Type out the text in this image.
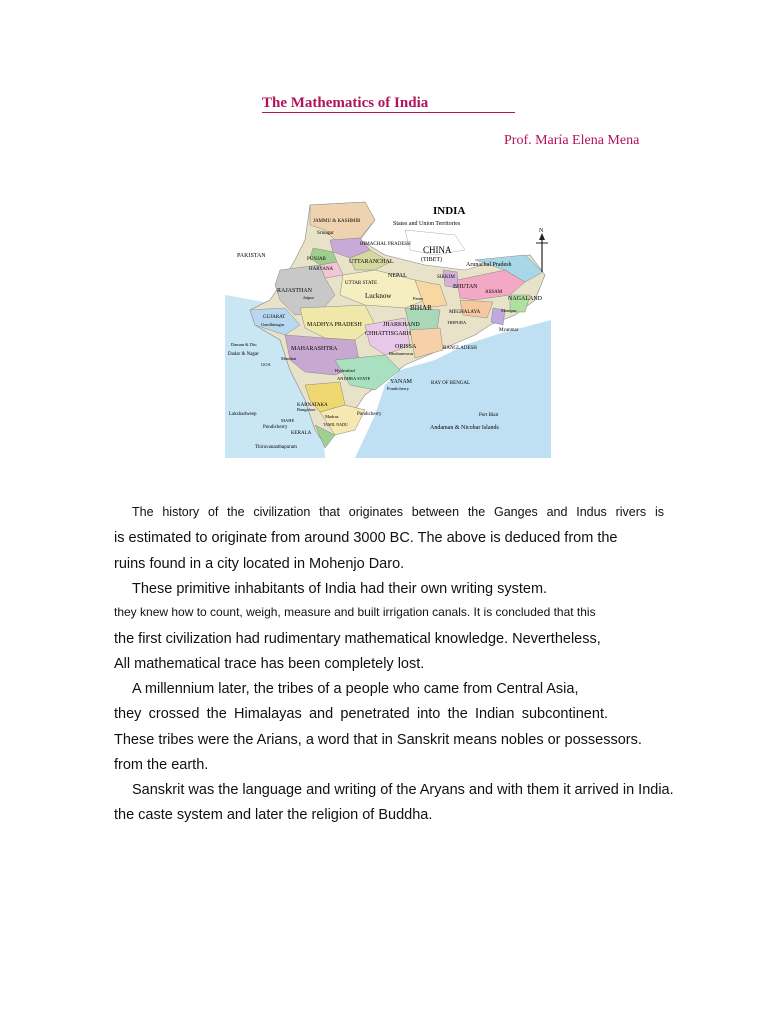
The Mathematics of India
Prof. María Elena Mena
N
INDIA
States and Union Territories
JAMMU & KASHMIR
Srinagar
HIMACHAL PRADESH
PAKISTAN
CHINA
(TIBET)
PUNJAB	UTTARANCHAL
HARYANA
NEPAL	SIKKIM
Arunachal Pradesh
RAJASTHAN
Jaipur
UTTAR STATE
Lucknow	Patna
BHUTAN
ASSAM
NAGALAND
GUJARAT
Gandhinagar
BIHAR
MEGHALAYA	Manipur
MADHYA PRADESH	JHARKHAND	TRIPURA
Myanmar
CHHATTISGARH
MAHARASHTRA	ORISSA
Bhubaneswar
BANGLADESH
Daman & Diu
Dadar & Nagar
Mumbai
Hyderabad
ANDHRA STATE
YANAM
Pondicherry
BAY OF BENGAL
KARNATAKA
Bangalore
Lakshadweep
MAHE
Pondicherry
Pondicherry
Madras
TAMIL NADU
Port Blair
Andaman & Nicobar Islands
KERALA
Thiruvananthapuram
GOA
The history of the civilization that originates between the Ganges and Indus rivers is
is estimated to originate from around 3000 BC. The above is deduced from the
ruins found in a city located in Mohenjo Daro.
These primitive inhabitants of India had their own writing system.
they knew how to count, weigh, measure and built irrigation canals. It is concluded that this
the first civilization had rudimentary mathematical knowledge. Nevertheless,
All mathematical trace has been completely lost.
A millennium later, the tribes of a people who came from Central Asia,
they crossed the Himalayas and penetrated into the Indian subcontinent.
These tribes were the Arians, a word that in Sanskrit means nobles or possessors.
from the earth.
Sanskrit was the language and writing of the Aryans and with them it arrived in India.
the caste system and later the religion of Buddha.
